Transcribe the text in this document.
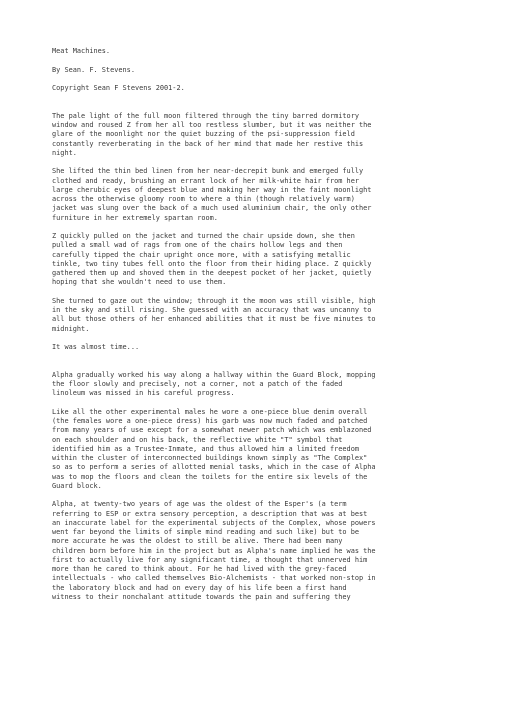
Meat Machines.
By Sean. F. Stevens.
Copyright Sean F Stevens 2001-2.
The pale light of the full moon filtered through the tiny barred dormitory
window and roused Z from her all too restless slumber, but it was neither the
glare of the moonlight nor the quiet buzzing of the psi-suppression field
constantly reverberating in the back of her mind that made her restive this
night.
She lifted the thin bed linen from her near-decrepit bunk and emerged fully
clothed and ready, brushing an errant lock of her milk-white hair from her
large cherubic eyes of deepest blue and making her way in the faint moonlight
across the otherwise gloomy room to where a thin (though relatively warm)
jacket was slung over the back of a much used aluminium chair, the only other
furniture in her extremely spartan room.
Z quickly pulled on the jacket and turned the chair upside down, she then
pulled a small wad of rags from one of the chairs hollow legs and then
carefully tipped the chair upright once more, with a satisfying metallic
tinkle, two tiny tubes fell onto the floor from their hiding place. Z quickly
gathered them up and shoved them in the deepest pocket of her jacket, quietly
hoping that she wouldn't need to use them.
She turned to gaze out the window; through it the moon was still visible, high
in the sky and still rising. She guessed with an accuracy that was uncanny to
all but those others of her enhanced abilities that it must be five minutes to
midnight.
It was almost time...
Alpha gradually worked his way along a hallway within the Guard Block, mopping
the floor slowly and precisely, not a corner, not a patch of the faded
linoleum was missed in his careful progress.
Like all the other experimental males he wore a one-piece blue denim overall
(the females wore a one-piece dress) his garb was now much faded and patched
from many years of use except for a somewhat newer patch which was emblazoned
on each shoulder and on his back, the reflective white "T" symbol that
identified him as a Trustee-Inmate, and thus allowed him a limited freedom
within the cluster of interconnected buildings known simply as "The Complex"
so as to perform a series of allotted menial tasks, which in the case of Alpha
was to mop the floors and clean the toilets for the entire six levels of the
Guard block.
Alpha, at twenty-two years of age was the oldest of the Esper's (a term
referring to ESP or extra sensory perception, a description that was at best
an inaccurate label for the experimental subjects of the Complex, whose powers
went far beyond the limits of simple mind reading and such like) but to be
more accurate he was the oldest to still be alive. There had been many
children born before him in the project but as Alpha's name implied he was the
first to actually live for any significant time, a thought that unnerved him
more than he cared to think about. For he had lived with the grey-faced
intellectuals - who called themselves Bio-Alchemists - that worked non-stop in
the laboratory block and had on every day of his life been a first hand
witness to their nonchalant attitude towards the pain and suffering they
